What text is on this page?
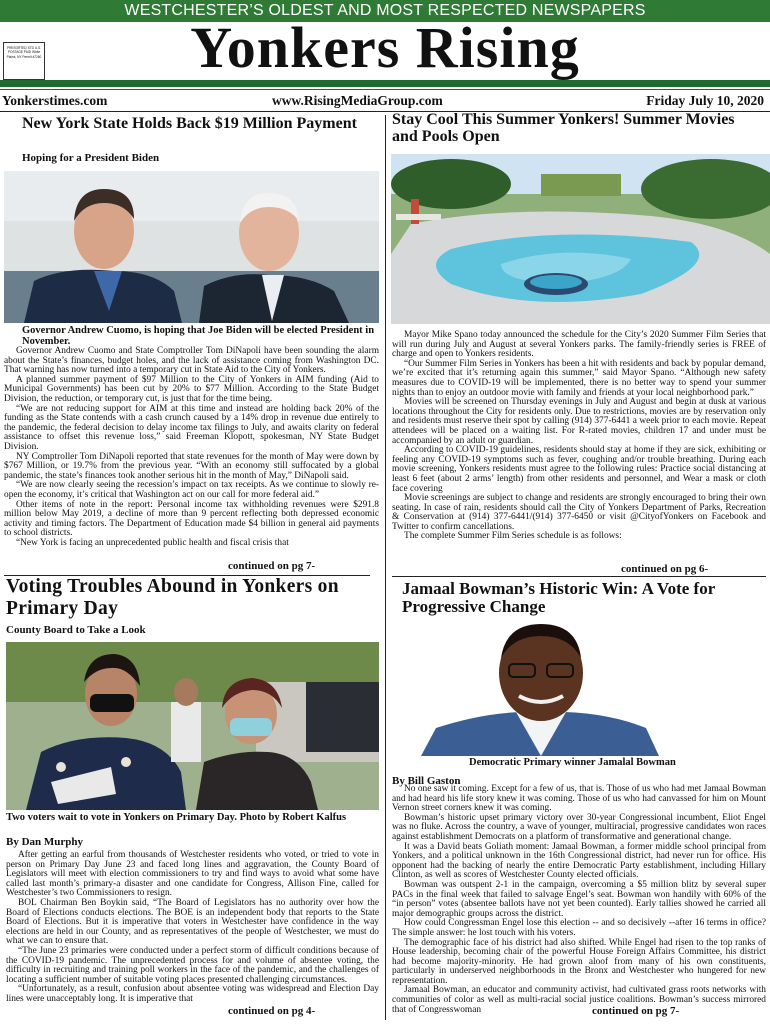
WESTCHESTER’S OLDEST AND MOST RESPECTED NEWSPAPERS
Yonkers Rising
PRESORTED STD U.S. POSTAGE PAID White Plains, NY Permit #7260
Yonkerstimes.com	www.RisingMediaGroup.com	Friday July 10, 2020
New York State Holds Back $19 Million Payment
Hoping for a President Biden
Governor Andrew Cuomo, is hoping that Joe Biden will be elected President in November.

Governor Andrew Cuomo and State Comptroller Tom DiNapoli have been sounding the alarm about the State’s finances, budget holes, and the lack of assistance coming from Washington DC. That warning has now turned into a temporary cut in State Aid to the City of Yonkers.

A planned summer payment of $97 Million to the City of Yonkers in AIM funding (Aid to Municipal Governments) has been cut by 20% to $77 Million. According to the State Budget Division, the reduction, or temporary cut, is just that for the time being.

“We are not reducing support for AIM at this time and instead are holding back 20% of the funding as the State contends with a cash crunch caused by a 14% drop in revenue due entirely to the pandemic, the federal decision to delay income tax filings to July, and awaits clarity on federal assistance to offset this revenue loss,” said Freeman Klopott, spokesman, NY State Budget Division.

NY Comptroller Tom DiNapoli reported that state revenues for the month of May were down by $767 Million, or 19.7% from the previous year. “With an economy still suffocated by a global pandemic, the state’s finances took another serious hit in the month of May,” DiNapoli said.

“We are now clearly seeing the recession’s impact on tax receipts. As we continue to slowly re-open the economy, it’s critical that Washington act on our call for more federal aid.”

Other items of note in the report: Personal income tax withholding revenues were $291.8 million below May 2019, a decline of more than 9 percent reflecting both depressed economic activity and timing factors. The Department of Education made $4 billion in general aid payments to school districts.

“New York is facing an unprecedented public health and fiscal crisis that

continued on pg 7-
Stay Cool This Summer Yonkers! Summer Movies and Pools Open

Mayor Mike Spano today announced the schedule for the City’s 2020 Summer Film Series that will run during July and August at several Yonkers parks. The family-friendly series is FREE of charge and open to Yonkers residents.

“Our Summer Film Series in Yonkers has been a hit with residents and back by popular demand, we’re excited that it’s returning again this summer,” said Mayor Spano. “Although new safety measures due to COVID-19 will be implemented, there is no better way to spend your summer nights than to enjoy an outdoor movie with family and friends at your local neighborhood park.”

Movies will be screened on Thursday evenings in July and August and begin at dusk at various locations throughout the City for residents only. Due to restrictions, movies are by reservation only and residents must reserve their spot by calling (914) 377-6441 a week prior to each movie. Repeat attendees will be placed on a waiting list. For R-rated movies, children 17 and under must be accompanied by an adult or guardian.

According to COVID-19 guidelines, residents should stay at home if they are sick, exhibiting or feeling any COVID-19 symptoms such as fever, coughing and/or trouble breathing. During each movie screening, Yonkers residents must agree to the following rules: Practice social distancing at least 6 feet (about 2 arms’ length) from other residents and personnel, and Wear a mask or cloth face covering

Movie screenings are subject to change and residents are strongly encouraged to bring their own seating. In case of rain, residents should call the City of Yonkers Department of Parks, Recreation & Conservation at (914) 377-6441/(914) 377-6450 or visit @CityofYonkers on Facebook and Twitter to confirm cancellations.

The complete Summer Film Series schedule is as follows:

continued on pg 6-
Voting Troubles Abound in Yonkers on Primary Day
County Board to Take a Look
Two voters wait to vote in Yonkers on Primary Day. Photo by Robert Kalfus
By Dan Murphy

After getting an earful from thousands of Westchester residents who voted, or tried to vote in person on Primary Day June 23 and faced long lines and aggravation, the County Board of Legislators will meet with election commissioners to try and find ways to avoid what some have called last month’s primary-a disaster and one candidate for Congress, Allison Fine, called for Westchester’s two Commissioners to resign.

BOL Chairman Ben Boykin said, “The Board of Legislators has no authority over how the Board of Elections conducts elections. The BOE is an independent body that reports to the State Board of Elections. But it is imperative that voters in Westchester have confidence in the way elections are held in our County, and as representatives of the people of Westchester, we must do what we can to ensure that.

“The June 23 primaries were conducted under a perfect storm of difficult conditions because of the COVID-19 pandemic. The unprecedented process for and volume of absentee voting, the difficulty in recruiting and training poll workers in the face of the pandemic, and the challenges of locating a sufficient number of suitable voting places presented challenging circumstances.

“Unfortunately, as a result, confusion about absentee voting was widespread and Election Day lines were unacceptably long. It is imperative that

continued on pg 4-
Jamaal Bowman’s Historic Win: A Vote for Progressive Change
Democratic Primary winner Jamalal Bowman
By Bill Gaston

No one saw it coming. Except for a few of us, that is. Those of us who had met Jamaal Bowman and had heard his life story knew it was coming. Those of us who had canvassed for him on Mount Vernon street corners knew it was coming.

Bowman’s historic upset primary victory over 30-year Congressional incumbent, Eliot Engel was no fluke. Across the country, a wave of younger, multiracial, progressive candidates won races against establishment Democrats on a platform of transformative and generational change.

It was a David beats Goliath moment: Jamaal Bowman, a former middle school principal from Yonkers, and a political unknown in the 16th Congressional district, had never run for office. His opponent had the backing of nearly the entire Democratic Party establishment, including Hillary Clinton, as well as scores of Westchester County elected officials.

Bowman was outspent 2-1 in the campaign, overcoming a $5 million blitz by several super PACs in the final week that failed to salvage Engel’s seat. Bowman won handily with 60% of the “in person” votes (absentee ballots have not yet been counted). Early tallies showed he carried all major demographic groups across the district.

How could Congressman Engel lose this election -- and so decisively --after 16 terms in office? The simple answer: he lost touch with his voters.

The demographic face of his district had also shifted. While Engel had risen to the top ranks of House leadership, becoming chair of the powerful House Foreign Affairs Committee, his district had become majority-minority. He had grown aloof from many of his own constituents, particularly in underserved neighborhoods in the Bronx and Westchester who hungered for new representation.

Jamaal Bowman, an educator and community activist, had cultivated grass roots networks with communities of color as well as multi-racial social justice coalitions. Bowman’s success mirrored that of Congresswoman	continued on pg 7-
